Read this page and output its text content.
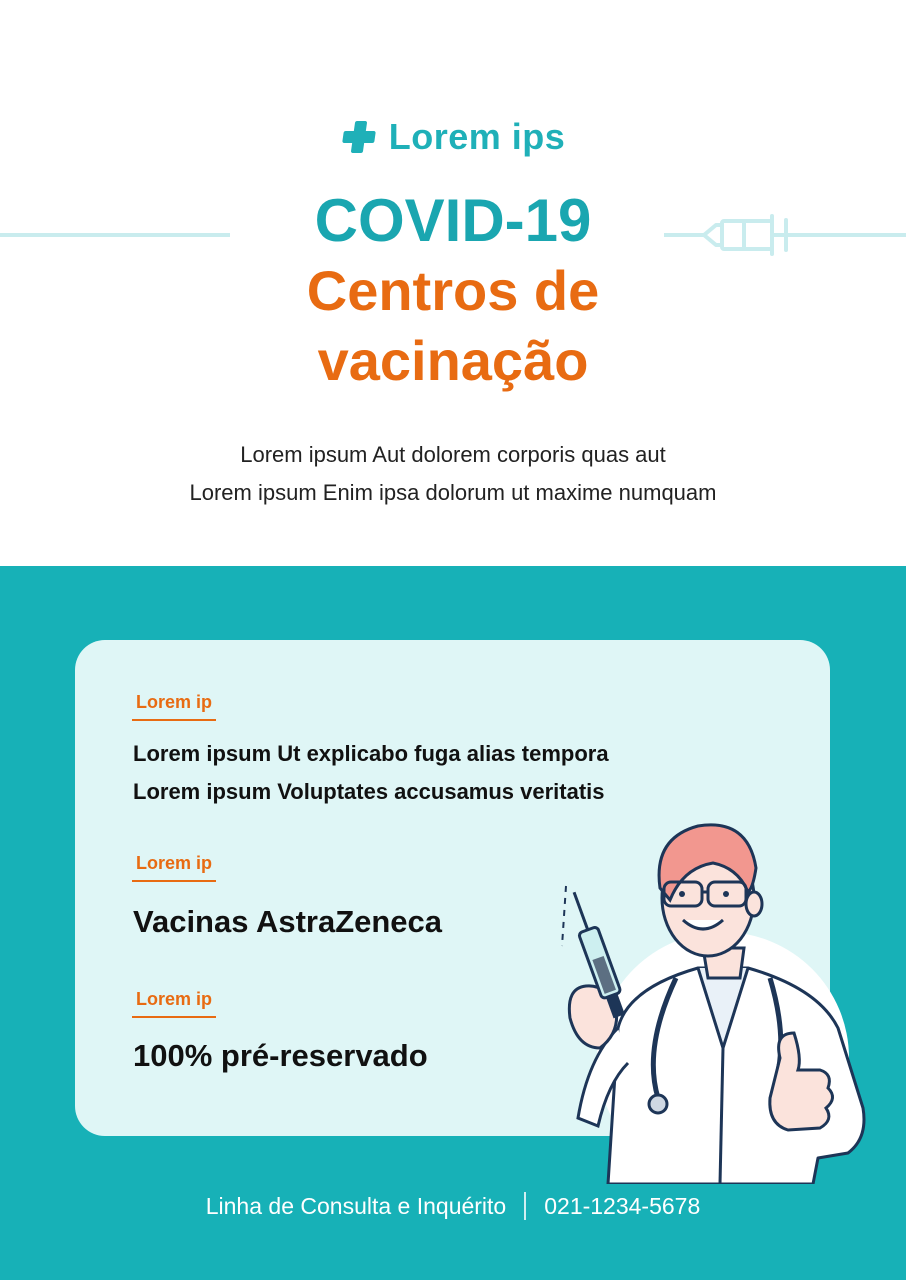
Lorem ips
COVID-19
Centros de
vacinação
Lorem ipsum Aut dolorem corporis quas aut
Lorem ipsum Enim ipsa dolorum ut maxime numquam
Lorem ip
Lorem ipsum Ut explicabo fuga alias tempora
Lorem ipsum Voluptates accusamus veritatis
Lorem ip
Vacinas AstraZeneca
Lorem ip
100% pré-reservado
Linha de Consulta e Inquérito 021-1234-5678
